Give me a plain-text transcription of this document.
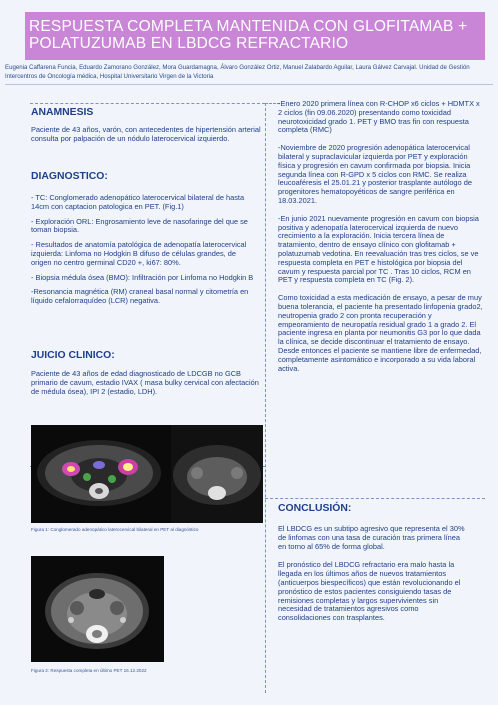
RESPUESTA COMPLETA MANTENIDA CON GLOFITAMAB + POLATUZUMAB EN LBDCG REFRACTARIO
Eugenia Caffarena Funcia, Eduardo Zamorano González, Mora Guardamagna, Álvaro González Ortiz, Manuel Zalabardo Aguilar, Laura Gálvez Carvajal. Unidad de Gestión Intercentros de Oncología médica, Hospital Universitario Virgen de la Victoria
ANAMNESIS
Paciente de 43 años, varón, con antecedentes de hipertensión arterial consulta por palpación de un nódulo laterocervical izquierdo.
DIAGNOSTICO:

- TC: Conglomerado adenopático laterocervical bilateral de hasta 14cm con captacion patologica en PET. (Fig.1)

- Exploración ORL: Engrosamiento leve de nasofaringe del que se toman biopsia.

- Resultados de anatomía patológica de adenopatía laterocervical izquierda: Linfoma no Hodgkin B difuso de células grandes, de origen no centro germinal CD20 +, ki67: 80%.

- Biopsia médula ósea (BMO): Infiltración por Linfoma no Hodgkin B

-Resonancia magnética (RM) craneal basal normal y citometría en líquido cefalorraquídeo (LCR) negativa.

JUICIO CLINICO:
Paciente de 43 años de edad diagnosticado de LDCGB no GCB primario de cavum, estadio IVAX ( masa bulky cervical con afectación de médula ósea), IPI 2 (estadio, LDH).
Figura 1: Conglomerado adenopático laterocervical bilateral en PET al diagnóstico
Figura 2: Respuesta completa en último PET 16.12.2022

-Enero 2020 primera línea con R-CHOP x6 ciclos + HDMTX x 2 ciclos (fin 09.06.2020) presentando como toxicidad neurotoxicidad grado 1. PET y BMO tras fin con respuesta completa (RMC)

-Noviembre de 2020 progresión adenopática laterocervical bilateral y supraclavicular izquierda por PET y exploración física y progresión en cavum confirmada por biopsia. Inicia segunda línea con R-GPD x 5 ciclos con RMC. Se realiza leucoaféresis el 25.01.21 y posterior trasplante autólogo de progenitores hematopoyéticos de sangre periférica en 18.03.2021.

-En junio 2021 nuevamente progresión en cavum con biopsia positiva y adenopatía laterocervical izquierda de nuevo crecimiento a la exploración. Inicia tercera línea de tratamiento, dentro de ensayo clínico con glofitamab + polatuzumab vedotina. En reevaluación tras tres ciclos, se ve respuesta completa en PET e histológica por biopsia del cavum y respuesta parcial por TC . Tras 10 ciclos, RCM en PET y respuesta completa en TC (Fig. 2).

Como toxicidad a esta medicación de ensayo, a pesar de muy buena tolerancia, el paciente ha presentado linfopenia grado2, neutropenia grado 2 con pronta recuperación y empeoramiento de neuropatía residual grado 1 a grado 2. El paciente ingresa en planta por neumonitis G3 por lo que dada la clínica, se decide discontinuar el tratamiento de ensayo. Desde entonces el paciente se mantiene libre de enfermedad, completamente asintomático e incorporado a su vida laboral activa.

CONCLUSIÓN:

El LBDCG es un subtipo agresivo que representa el 30% de linfomas con una tasa de curación tras primera línea en torno al 65% de forma global.

El pronóstico del LBDCG refractario era malo hasta la llegada en los últimos años de nuevos tratamientos (anticuerpos biespecíficos) que están revolucionando el pronóstico de estos pacientes consiguiendo tasas de remisiones completas y largos supervivientes sin necesidad de tratamientos agresivos como consolidaciones con trasplantes.
